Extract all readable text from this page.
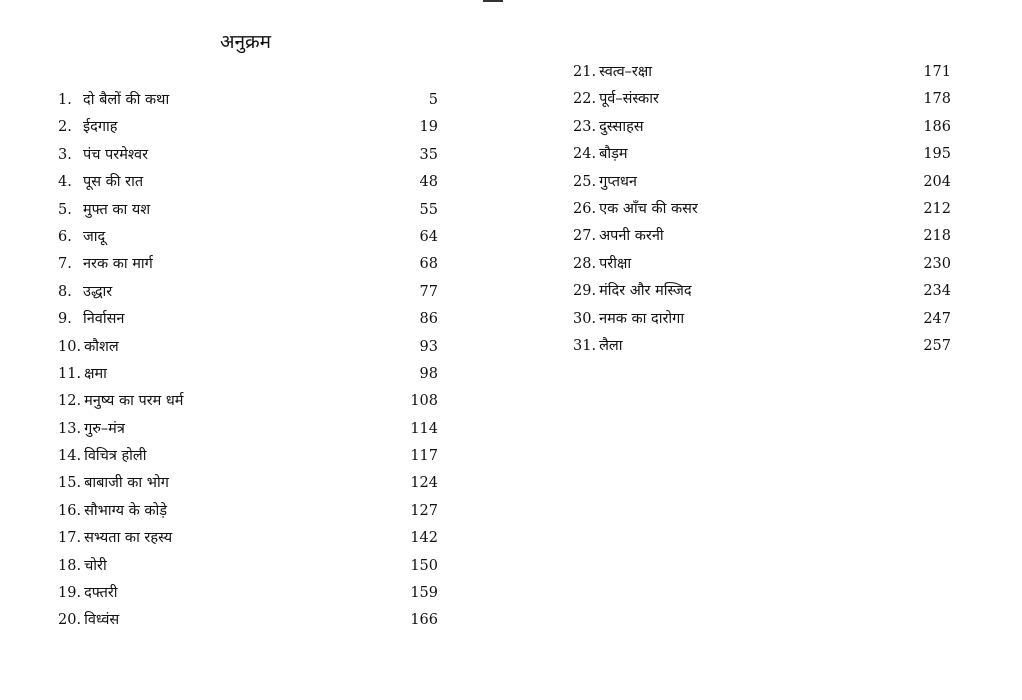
अनुक्रम
1. दो बैलों की कथा	5
2. ईदगाह	19
3. पंच परमेश्वर	35
4. पूस की रात	48
5. मुफ्त का यश	55
6. जादू	64
7. नरक का मार्ग	68
8. उद्धार	77
9. निर्वासन	86
10. कौशल	93
11. क्षमा	98
12. मनुष्य का परम धर्म	108
13. गुरु–मंत्र	114
14. विचित्र होली	117
15. बाबाजी का भोग	124
16. सौभाग्य के कोड़े	127
17. सभ्यता का रहस्य	142
18. चोरी	150
19. दफ्तरी	159
20. विध्वंस	166
21. स्वत्व–रक्षा	171
22. पूर्व–संस्कार	178
23. दुस्साहस	186
24. बौड़म	195
25. गुप्तधन	204
26. एक आँच की कसर	212
27. अपनी करनी	218
28. परीक्षा	230
29. मंदिर और मस्जिद	234
30. नमक का दारोगा	247
31. लैला	257
